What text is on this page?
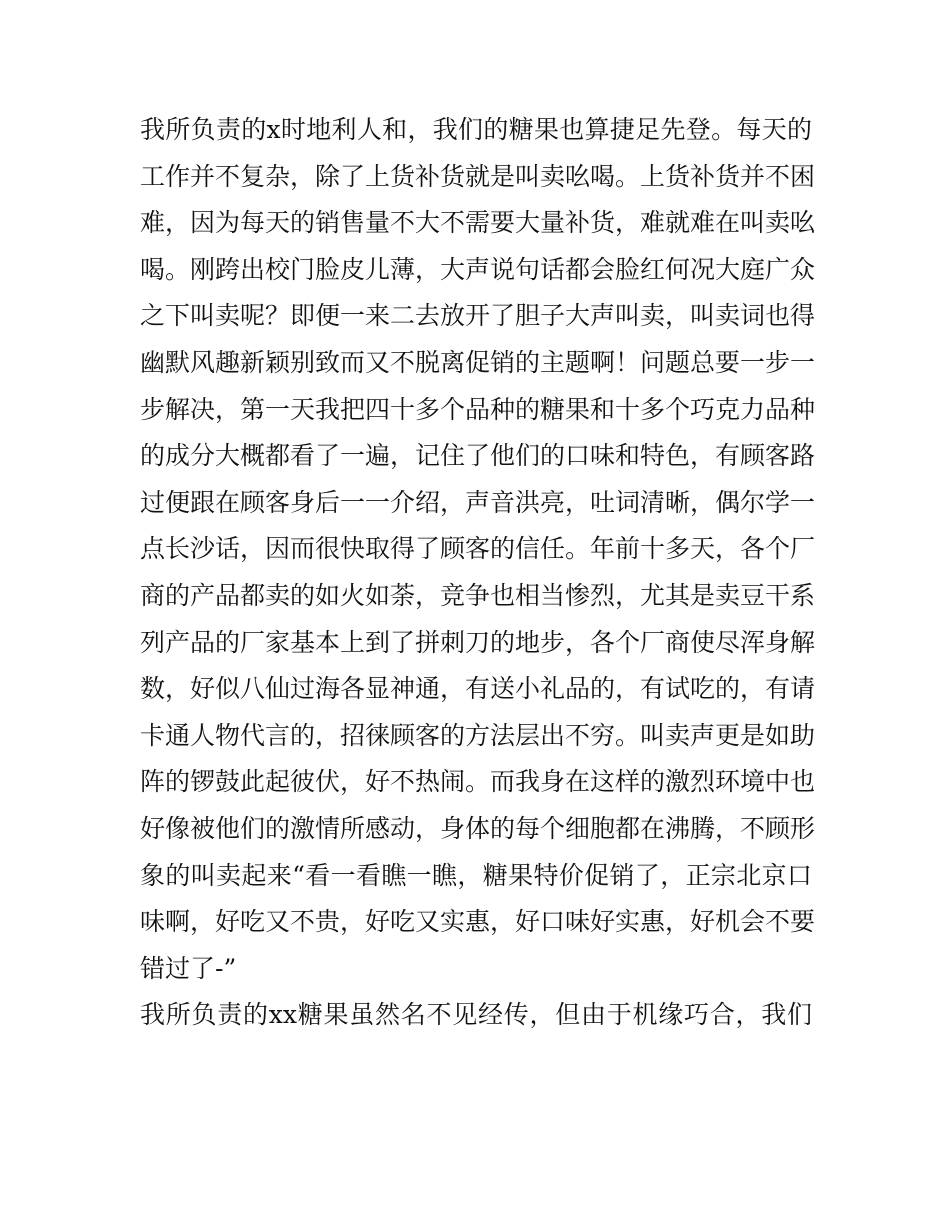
我所负责的x时地利人和，我们的糖果也算捷足先登。每天的
工作并不复杂，除了上货补货就是叫卖吆喝。上货补货并不困
难，因为每天的销售量不大不需要大量补货，难就难在叫卖吆
喝。刚跨出校门脸皮儿薄，大声说句话都会脸红何况大庭广众
之下叫卖呢？即便一来二去放开了胆子大声叫卖，叫卖词也得
幽默风趣新颖别致而又不脱离促销的主题啊！问题总要一步一
步解决，第一天我把四十多个品种的糖果和十多个巧克力品种
的成分大概都看了一遍，记住了他们的口味和特色，有顾客路
过便跟在顾客身后一一介绍，声音洪亮，吐词清晰，偶尔学一
点长沙话，因而很快取得了顾客的信任。年前十多天，各个厂
商的产品都卖的如火如荼，竞争也相当惨烈，尤其是卖豆干系
列产品的厂家基本上到了拼刺刀的地步，各个厂商使尽浑身解
数，好似八仙过海各显神通，有送小礼品的，有试吃的，有请
卡通人物代言的，招徕顾客的方法层出不穷。叫卖声更是如助
阵的锣鼓此起彼伏，好不热闹。而我身在这样的激烈环境中也
好像被他们的激情所感动，身体的每个细胞都在沸腾，不顾形
象的叫卖起来“看一看瞧一瞧，糖果特价促销了，正宗北京口
味啊，好吃又不贵，好吃又实惠，好口味好实惠，好机会不要
错过了-”
我所负责的xx糖果虽然名不见经传，但由于机缘巧合，我们
